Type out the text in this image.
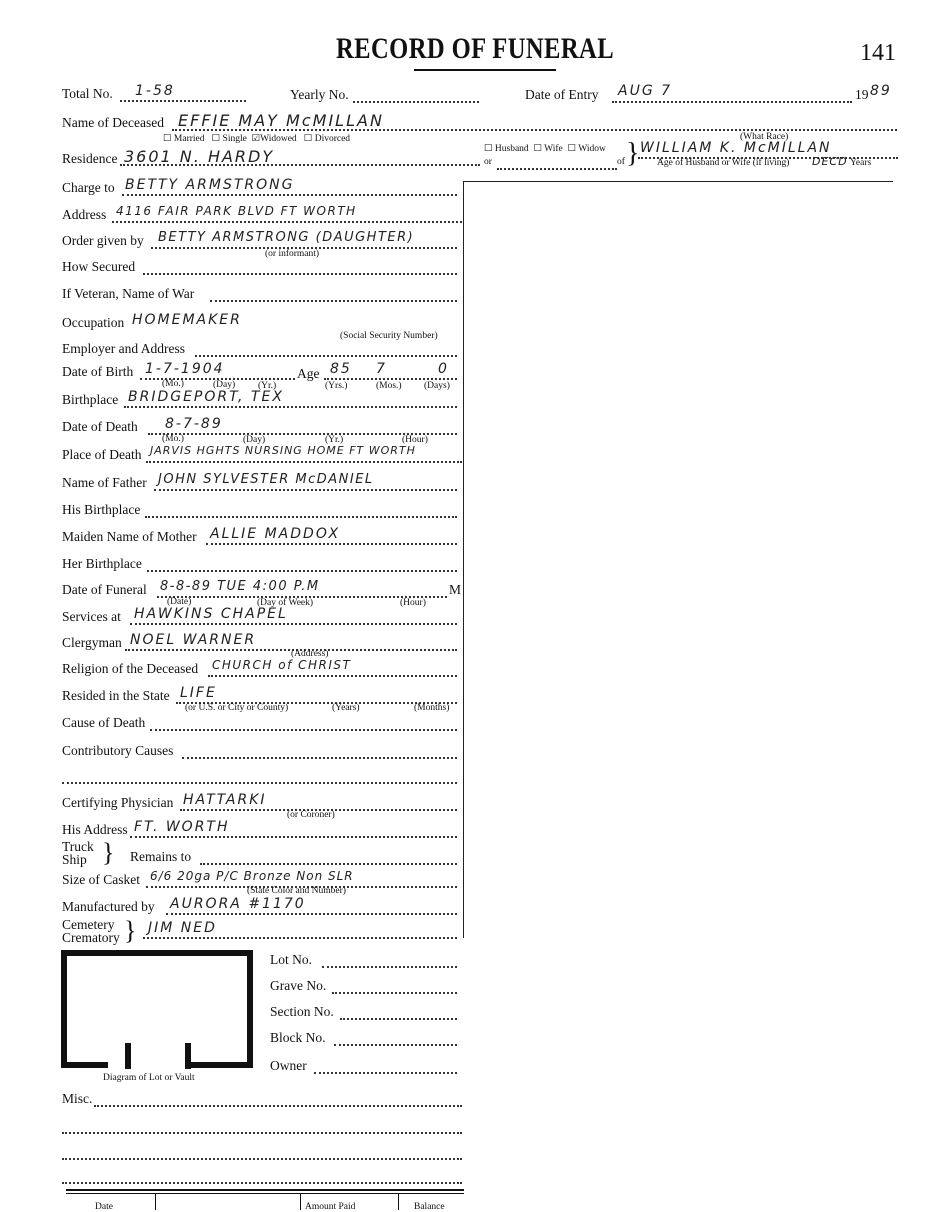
RECORD OF FUNERAL	141
Total No. 1-58	Yearly No.	Date of Entry AUG 7	19 89
Name of Deceased EFFIE MAY McMILLAN
☐ Married ☐ Single ☑Widowed ☐ Divorced	(What Race)
Residence 3601 N. HARDY	☐ Husband ☐ Wife ☐ Widow
or	of } WILLIAM K. McMILLAN
Age of Husband or Wife (if living) DECD Years
Charge to BETTY ARMSTRONG
Address 4116 FAIR PARK BLVD FT WORTH
Order given by BETTY ARMSTRONG (DAUGHTER)
(or informant)
How Secured
If Veteran, Name of War
Occupation HOMEMAKER
(Social Security Number)
Employer and Address
Date of Birth 1-7-1904	Age 85 7	0
(Mo.)	(Day) (Yr.)	(Yrs.)	(Mos.) (Days)
Birthplace BRIDGEPORT, TEX
Date of Death 8-7-89
(Mo.)	(Day)	(Yr.)	(Hour)
Place of Death JARVIS HGHTS NURSING HOME FT WORTH
Name of Father JOHN SYLVESTER McDANIEL
His Birthplace
Maiden Name of Mother ALLIE MADDOX
Her Birthplace
Date of Funeral 8-8-89 TUE 4:00 P.M	M
(Date)	(Day of Week)	(Hour)
Services at HAWKINS CHAPEL
Clergyman NOEL WARNER
(Address)
Religion of the Deceased CHURCH of CHRIST
Resided in the State LIFE
(or U.S. or City or County)	(Years)	(Months)
Cause of Death
Contributory Causes
Certifying Physician HATTARKI
(or Coroner)
His Address FT. WORTH
Truck
Ship } Remains to
Size of Casket 6/6 20ga P/C Bronze Non SLR
(State Color and Number)
Manufactured by AURORA #1170
Cemetery
Crematory } JIM NED
Diagram of Lot or Vault
Lot No.
Grave No.
Section No.
Block No.
Owner
Misc.
Date	Amount Paid	Balance
